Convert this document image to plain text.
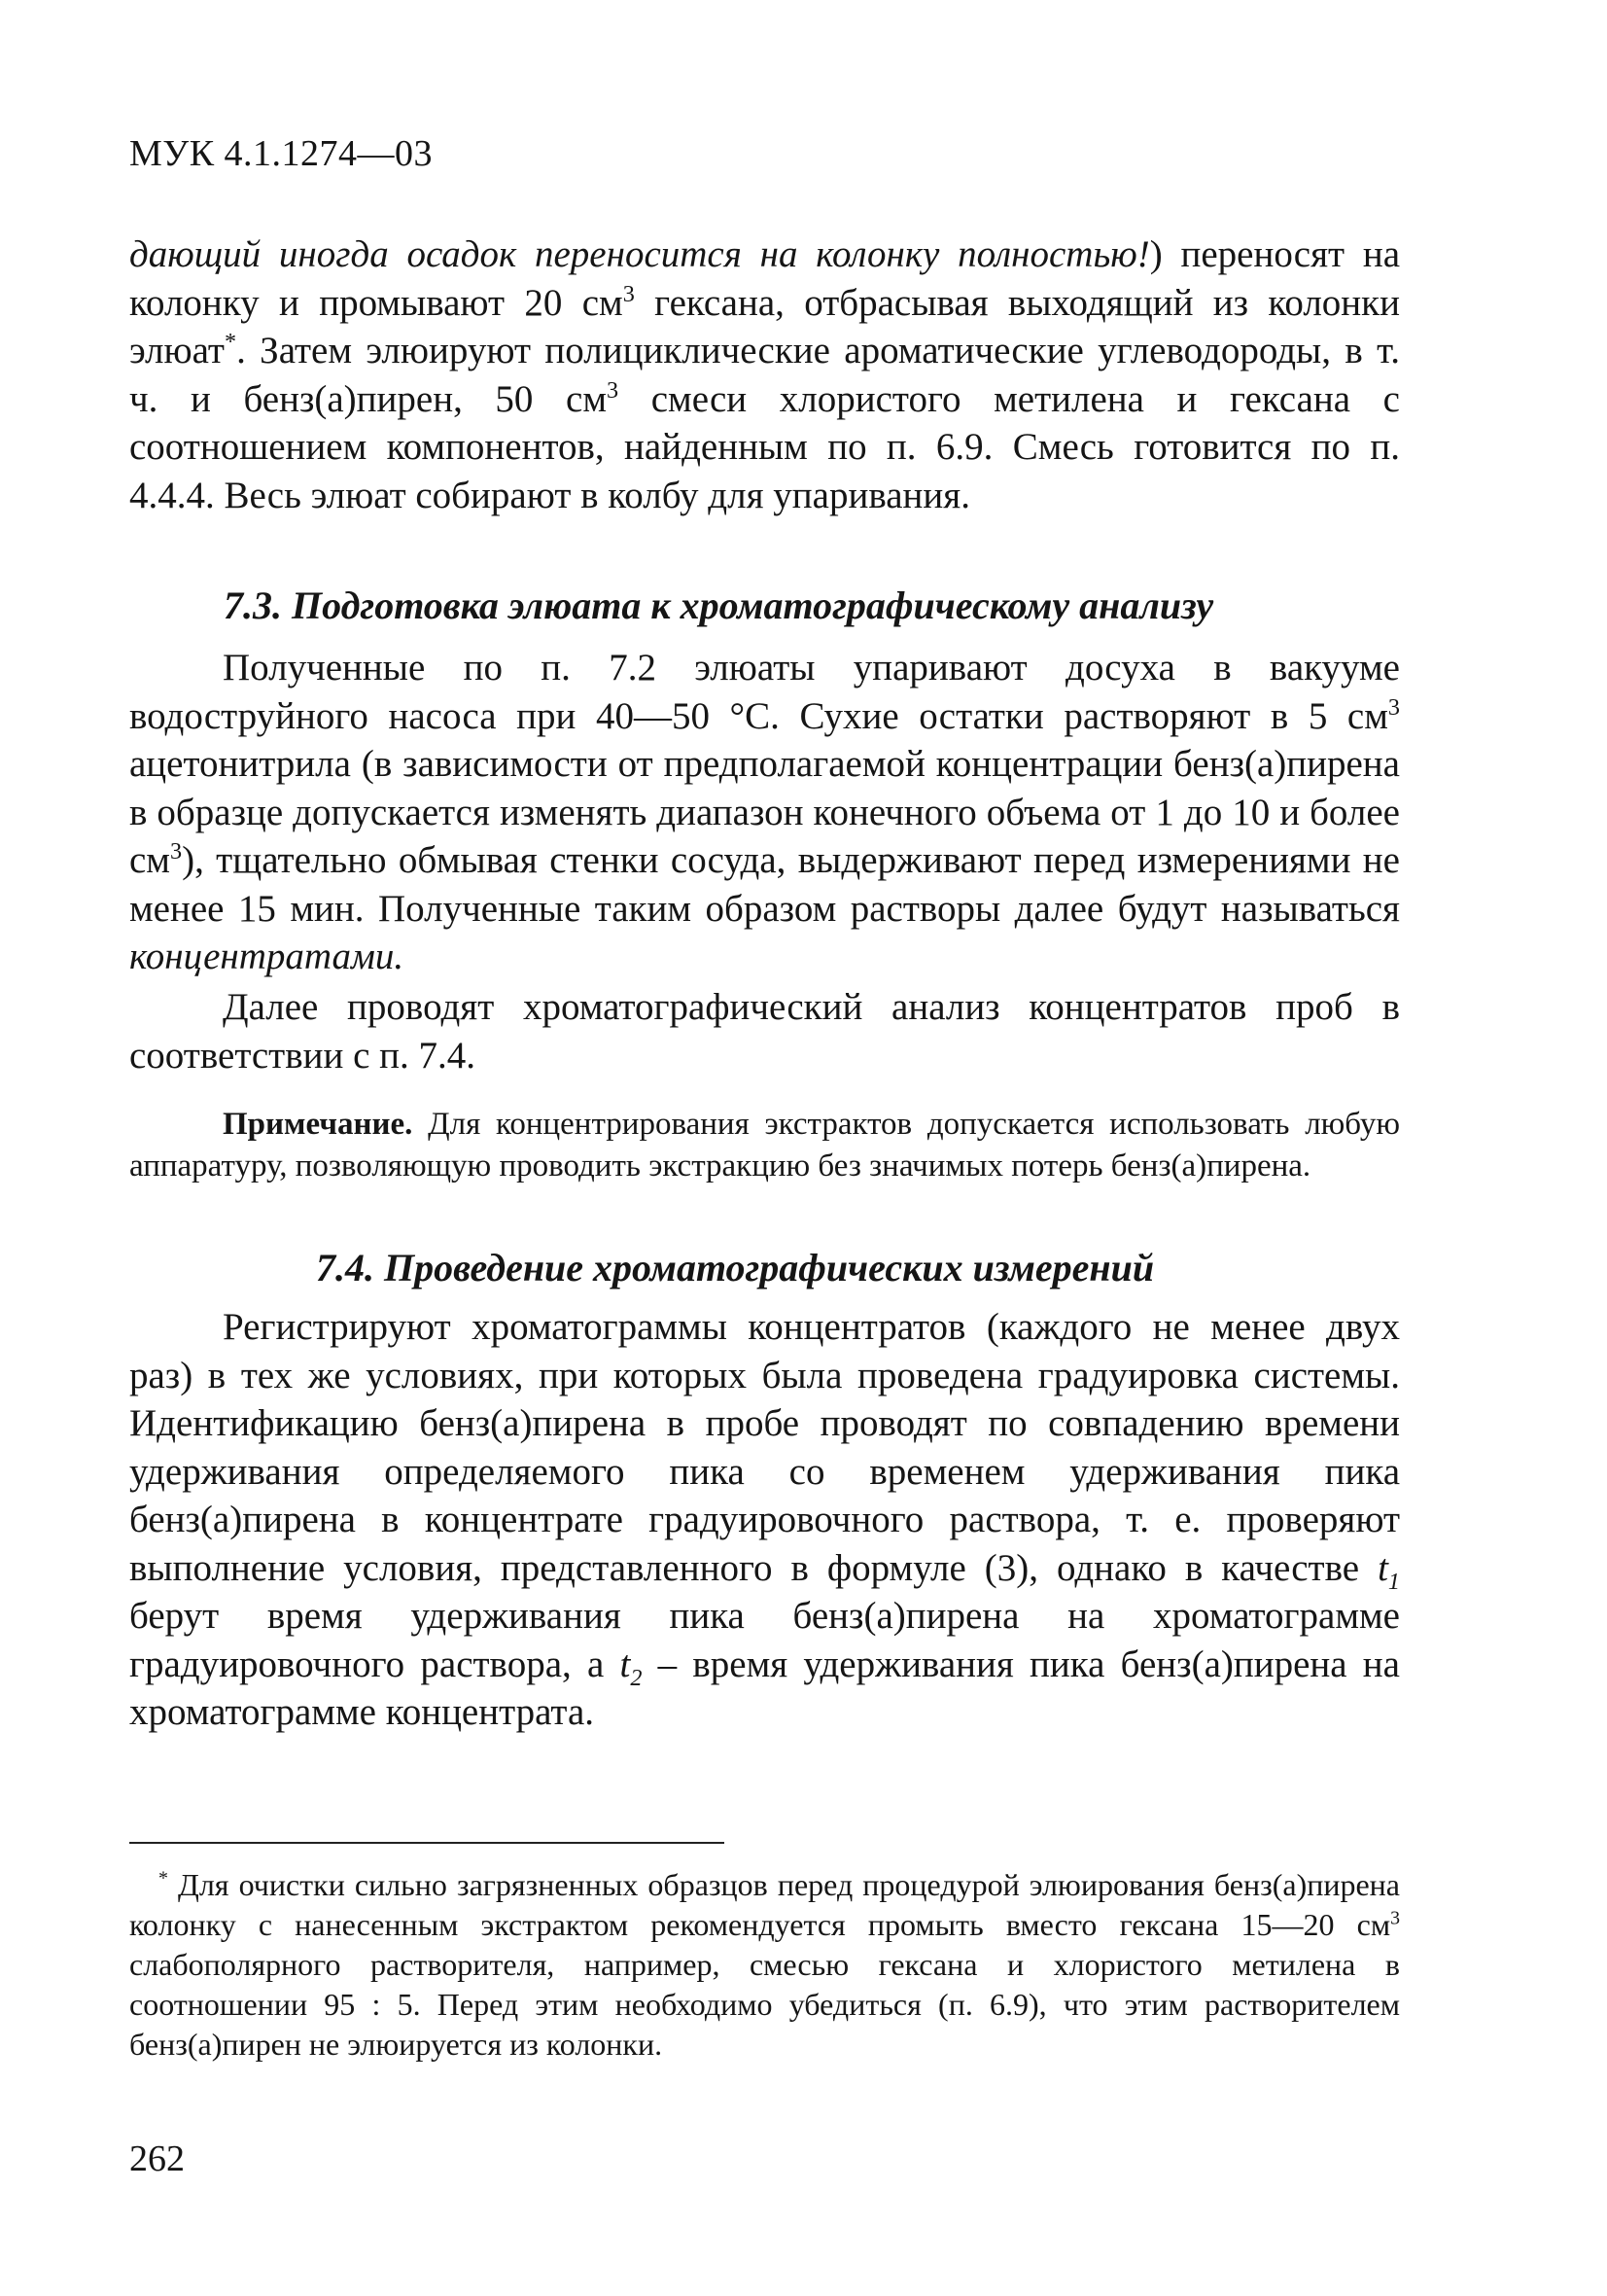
МУК 4.1.1274—03
дающий иногда осадок переносится на колонку полностью!) переносят на колонку и промывают 20 $см^3$ гексана, отбрасывая выходящий из колонки элюат*. Затем элюируют полициклические ароматические углеводороды, в т. ч. и бенз(а)пирен, 50 $см^3$ смеси хлористого метилена и гексана с соотношением компонентов, найденным по п. 6.9. Смесь готовится по п. 4.4.4. Весь элюат собирают в колбу для упаривания.
7.3. Подготовка элюата к хроматографическому анализу
Полученные по п. 7.2 элюаты упаривают досуха в вакууме водоструйного насоса при 40—50 °С. Сухие остатки растворяют в 5 $см^3$ ацетонитрила (в зависимости от предполагаемой концентрации бенз(а)пирена в образце допускается изменять диапазон конечного объема от 1 до 10 и более $см^3$), тщательно обмывая стенки сосуда, выдерживают перед измерениями не менее 15 мин. Полученные таким образом растворы далее будут называться концентратами.
Далее проводят хроматографический анализ концентратов проб в соответствии с п. 7.4.
Примечание. Для концентрирования экстрактов допускается использовать любую аппаратуру, позволяющую проводить экстракцию без значимых потерь бенз(а)пирена.
7.4. Проведение хроматографических измерений
Регистрируют хроматограммы концентратов (каждого не менее двух раз) в тех же условиях, при которых была проведена градуировка системы. Идентификацию бенз(а)пирена в пробе проводят по совпадению времени удерживания определяемого пика со временем удерживания пика бенз(а)пирена в концентрате градуировочного раствора, т. е. проверяют выполнение условия, представленного в формуле (3), однако в качестве $t_1$ берут время удерживания пика бенз(а)пирена на хроматограмме градуировочного раствора, а $t_2$ – время удерживания пика бенз(а)пирена на хроматограмме концентрата.
* Для очистки сильно загрязненных образцов перед процедурой элюирования бенз(а)пирена колонку с нанесенным экстрактом рекомендуется промыть вместо гексана 15—20 $см^3$ слабополярного растворителя, например, смесью гексана и хлористого метилена в соотношении 95 : 5. Перед этим необходимо убедиться (п. 6.9), что этим растворителем бенз(а)пирен не элюируется из колонки.
262
